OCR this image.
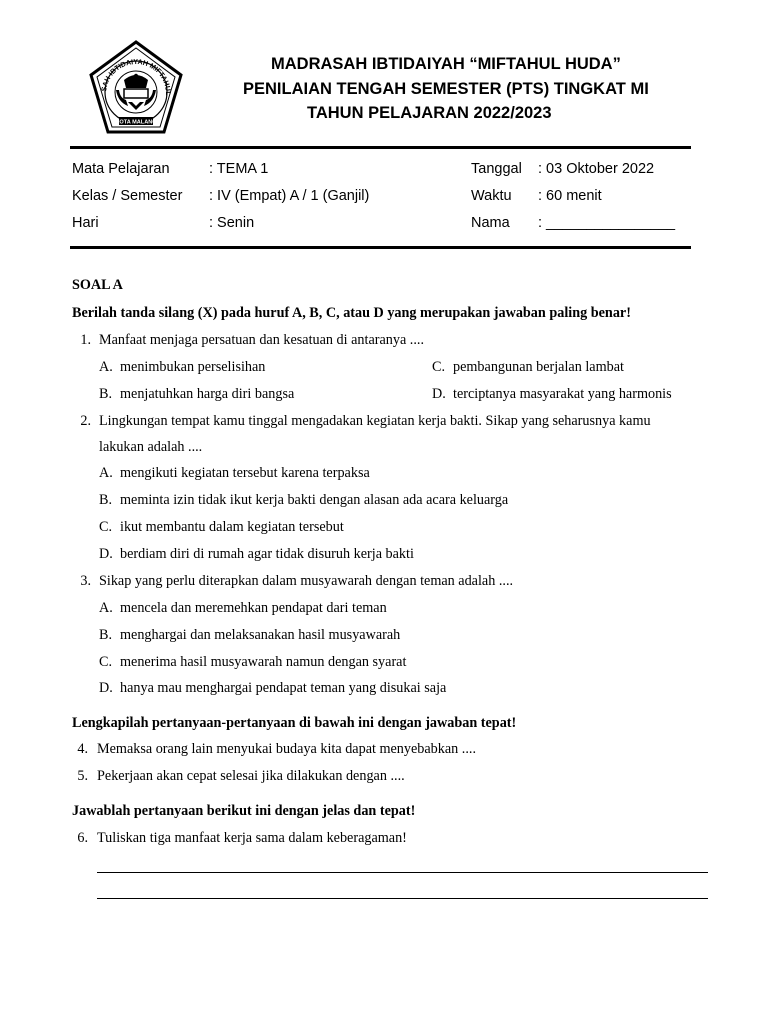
SAH IBTIDAIYAH MIFTAHUL
KOTA MALANG
MADRASAH IBTIDAIYAH “MIFTAHUL HUDA”
PENILAIAN TENGAH SEMESTER (PTS) TINGKAT MI
TAHUN PELAJARAN 2022/2023
Mata Pelajaran	: TEMA 1
Kelas / Semester : IV (Empat) A / 1 (Ganjil)
Hari	: Senin
Tanggal : 03 Oktober 2022
Waktu : 60 menit
Nama : ________________
SOAL A
Berilah tanda silang (X) pada huruf A, B, C, atau D yang merupakan jawaban paling benar!
1. Manfaat menjaga persatuan dan kesatuan di antaranya ....
A. menimbukan perselisihan
B. menjatuhkan harga diri bangsa
C. pembangunan berjalan lambat
D. terciptanya masyarakat yang harmonis
2. Lingkungan tempat kamu tinggal mengadakan kegiatan kerja bakti. Sikap yang seharusnya kamu
lakukan adalah ....
A. mengikuti kegiatan tersebut karena terpaksa
B. meminta izin tidak ikut kerja bakti dengan alasan ada acara keluarga
C. ikut membantu dalam kegiatan tersebut
D. berdiam diri di rumah agar tidak disuruh kerja bakti
3. Sikap yang perlu diterapkan dalam musyawarah dengan teman adalah ....
A. mencela dan meremehkan pendapat dari teman
B. menghargai dan melaksanakan hasil musyawarah
C. menerima hasil musyawarah namun dengan syarat
D. hanya mau menghargai pendapat teman yang disukai saja
Lengkapilah pertanyaan-pertanyaan di bawah ini dengan jawaban tepat!
4. Memaksa orang lain menyukai budaya kita dapat menyebabkan ....
5. Pekerjaan akan cepat selesai jika dilakukan dengan ....
Jawablah pertanyaan berikut ini dengan jelas dan tepat!
6. Tuliskan tiga manfaat kerja sama dalam keberagaman!
